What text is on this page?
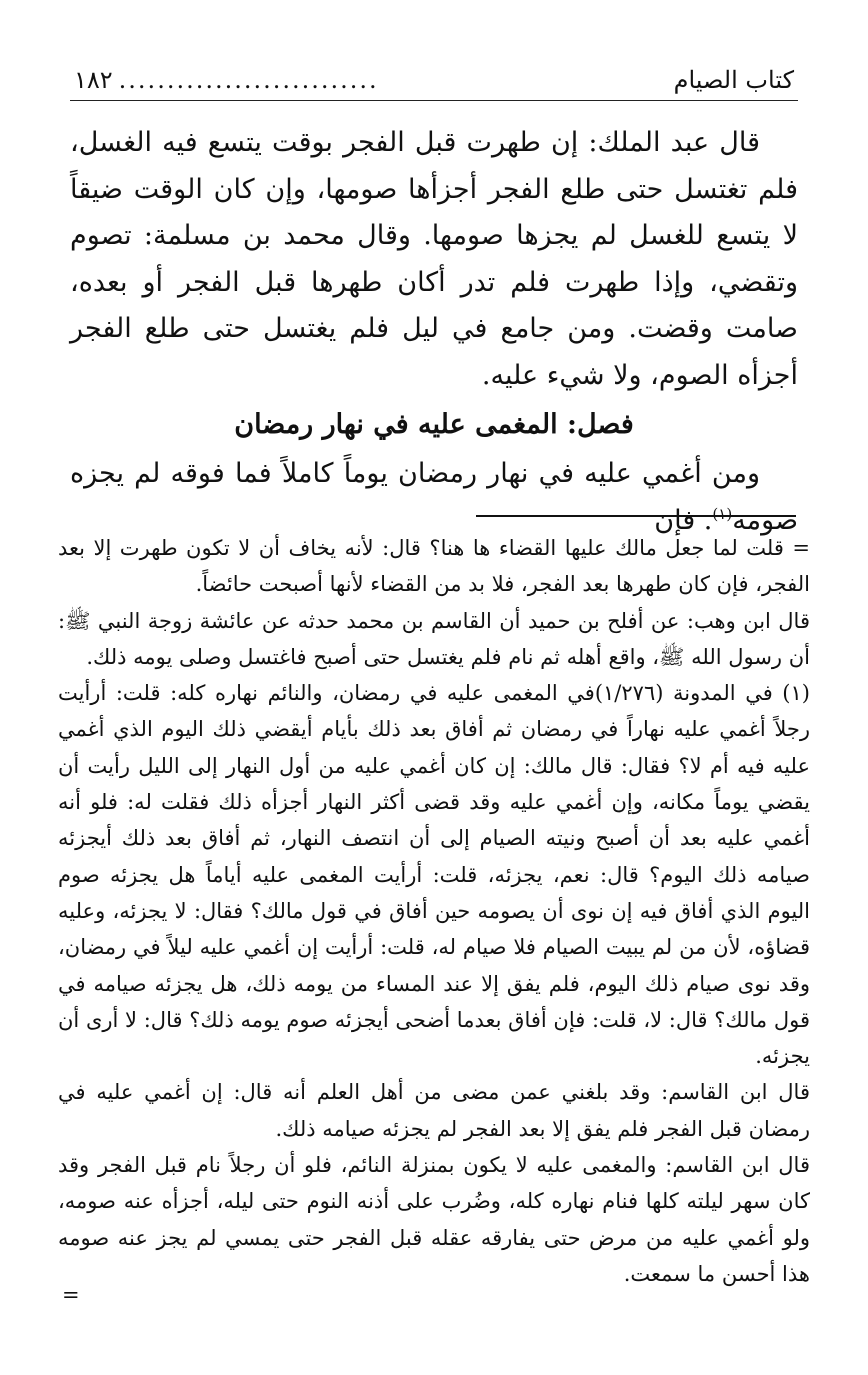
كتاب الصيام
...........................
١٨٢

قال عبد الملك: إن طهرت قبل الفجر بوقت يتسع فيه الغسل، فلم تغتسل حتى طلع الفجر أجزأها صومها، وإن كان الوقت ضيقاً لا يتسع للغسل لم يجزها صومها. وقال محمد بن مسلمة: تصوم وتقضي، وإذا طهرت فلم تدر أكان طهرها قبل الفجر أو بعده، صامت وقضت. ومن جامع في ليل فلم يغتسل حتى طلع الفجر أجزأه الصوم، ولا شيء عليه.

فصل: المغمى عليه في نهار رمضان

ومن أغمي عليه في نهار رمضان يوماً كاملاً فما فوقه لم يجزه صومه$^{(١)}$. فإن

= قلت لما جعل مالك عليها القضاء ها هنا؟ قال: لأنه يخاف أن لا تكون طهرت إلا بعد الفجر، فإن كان طهرها بعد الفجر، فلا بد من القضاء لأنها أصبحت حائضاً.

قال ابن وهب: عن أفلح بن حميد أن القاسم بن محمد حدثه عن عائشة زوجة النبي ﷺ: أن رسول الله ﷺ، واقع أهله ثم نام فلم يغتسل حتى أصبح فاغتسل وصلى يومه ذلك.

(١) في المدونة (١/٢٧٦)في المغمى عليه في رمضان، والنائم نهاره كله: قلت: أرأيت رجلاً أغمي عليه نهاراً في رمضان ثم أفاق بعد ذلك بأيام أيقضي ذلك اليوم الذي أغمي عليه فيه أم لا؟ فقال: قال مالك: إن كان أغمي عليه من أول النهار إلى الليل رأيت أن يقضي يوماً مكانه، وإن أغمي عليه وقد قضى أكثر النهار أجزأه ذلك فقلت له: فلو أنه أغمي عليه بعد أن أصبح ونيته الصيام إلى أن انتصف النهار، ثم أفاق بعد ذلك أيجزئه صيامه ذلك اليوم؟ قال: نعم، يجزئه، قلت: أرأيت المغمى عليه أياماً هل يجزئه صوم اليوم الذي أفاق فيه إن نوى أن يصومه حين أفاق في قول مالك؟ فقال: لا يجزئه، وعليه قضاؤه، لأن من لم يبيت الصيام فلا صيام له، قلت: أرأيت إن أغمي عليه ليلاً في رمضان، وقد نوى صيام ذلك اليوم، فلم يفق إلا عند المساء من يومه ذلك، هل يجزئه صيامه في قول مالك؟ قال: لا، قلت: فإن أفاق بعدما أضحى أيجزئه صوم يومه ذلك؟ قال: لا أرى أن يجزئه.

قال ابن القاسم: وقد بلغني عمن مضى من أهل العلم أنه قال: إن أغمي عليه في رمضان قبل الفجر فلم يفق إلا بعد الفجر لم يجزئه صيامه ذلك.

قال ابن القاسم: والمغمى عليه لا يكون بمنزلة النائم، فلو أن رجلاً نام قبل الفجر وقد كان سهر ليلته كلها فنام نهاره كله، وضُرب على أذنه النوم حتى ليله، أجزأه عنه صومه، ولو أغمي عليه من مرض حتى يفارقه عقله قبل الفجر حتى يمسي لم يجز عنه صومه هذا أحسن ما سمعت.

=
